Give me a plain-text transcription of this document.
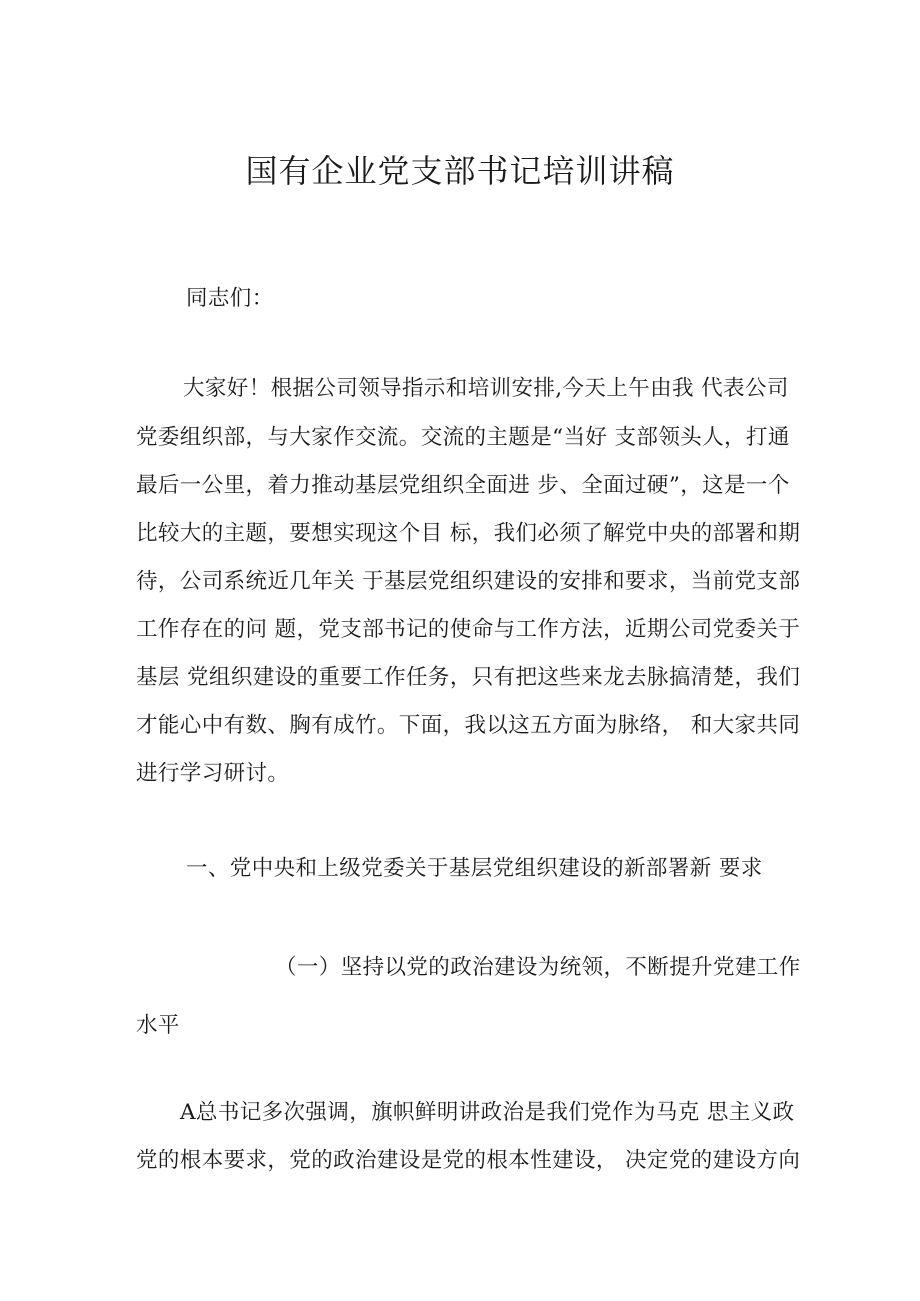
国有企业党支部书记培训讲稿
同志们：
大家好！根据公司领导指示和培训安排,今天上午由我 代表公司
党委组织部，与大家作交流。交流的主题是“当好 支部领头人，打通
最后一公里，着力推动基层党组织全面进 步、全面过硬”，这是一个
比较大的主题，要想实现这个目 标，我们必须了解党中央的部署和期
待，公司系统近几年关 于基层党组织建设的安排和要求，当前党支部
工作存在的问 题，党支部书记的使命与工作方法，近期公司党委关于
基层 党组织建设的重要工作任务，只有把这些来龙去脉搞清楚，我们
才能心中有数、胸有成竹。下面，我以这五方面为脉络， 和大家共同
进行学习研讨。
一、党中央和上级党委关于基层党组织建设的新部署新 要求
（一）坚持以党的政治建设为统领，不断提升党建工作
水平
A总书记多次强调，旗帜鲜明讲政治是我们党作为马克 思主义政
党的根本要求，党的政治建设是党的根本性建设， 决定党的建设方向
